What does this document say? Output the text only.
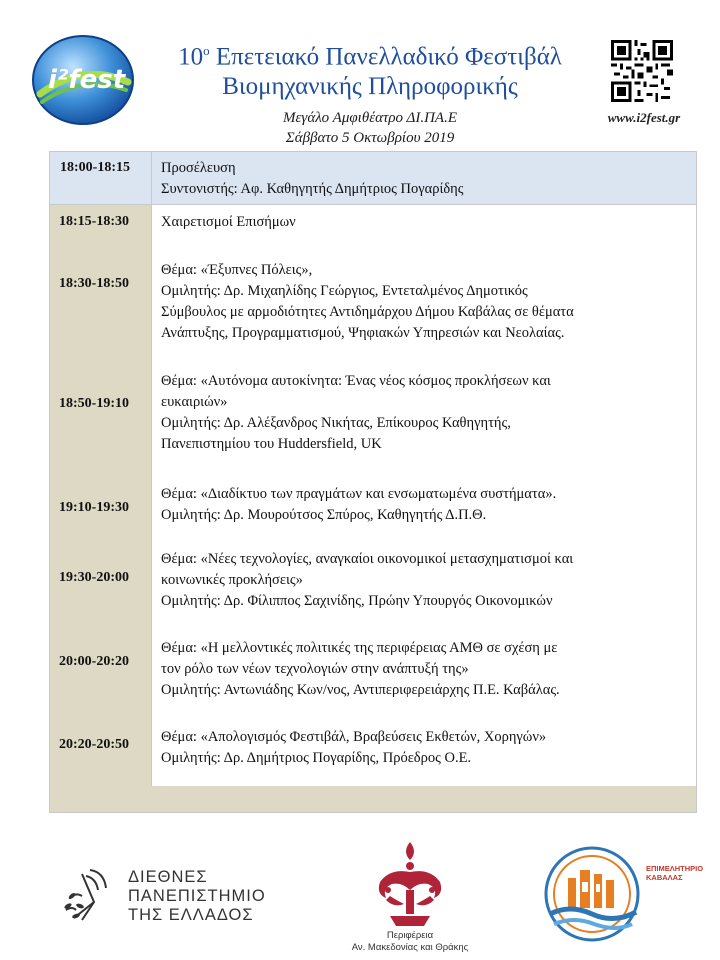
i²fest
$10^o$ Επετειακό Πανελλαδικό Φεστιβάλ
Βιομηχανικής Πληροφορικής
Μεγάλο Αμφιθέατρο ΔΙ.ΠΑ.Ε
Σάββατο 5 Οκτωβρίου 2019
www.i2fest.gr
18:00-18:15 Προσέλευση
Συντονιστής: Αφ. Καθηγητής Δημήτριος Πογαρίδης
18:15-18:30 Χαιρετισμοί Επισήμων
18:30-18:50
Θέμα: «Έξυπνες Πόλεις»,
Ομιλητής: Δρ. Μιχαηλίδης Γεώργιος, Εντεταλμένος Δημοτικός
Σύμβουλος με αρμοδιότητες Αντιδημάρχου Δήμου Καβάλας σε θέματα
Ανάπτυξης, Προγραμματισμού, Ψηφιακών Υπηρεσιών και Νεολαίας.
18:50-19:10
Θέμα: «Αυτόνομα αυτοκίνητα: Ένας νέος κόσμος προκλήσεων και
ευκαιριών»
Ομιλητής: Δρ. Αλέξανδρος Νικήτας, Επίκουρος Καθηγητής,
Πανεπιστημίου του Huddersfield, UK
19:10-19:30
Θέμα: «Διαδίκτυο των πραγμάτων και ενσωματωμένα συστήματα».
Ομιλητής: Δρ. Μουρούτσος Σπύρος, Καθηγητής Δ.Π.Θ.
19:30-20:00
Θέμα: «Νέες τεχνολογίες, αναγκαίοι οικονομικοί μετασχηματισμοί και
κοινωνικές προκλήσεις»
Ομιλητής: Δρ. Φίλιππος Σαχινίδης, Πρώην Υπουργός Οικονομικών
20:00-20:20
Θέμα: «Η μελλοντικές πολιτικές της περιφέρειας ΑΜΘ σε σχέση με
τον ρόλο των νέων τεχνολογιών στην ανάπτυξή της»
Ομιλητής: Αντωνιάδης Κων/νος, Αντιπεριφερειάρχης Π.Ε. Καβάλας.
20:20-20:50 Θέμα: «Απολογισμός Φεστιβάλ, Βραβεύσεις Εκθετών, Χορηγών»
Ομιλητής: Δρ. Δημήτριος Πογαρίδης, Πρόεδρος Ο.Ε.
ΔΙΕΘΝΕΣ
ΠΑΝΕΠΙΣΤΗΜΙΟ
ΤΗΣ ΕΛΛΑΔΟΣ
Περιφέρεια
Αν. Μακεδονίας και Θράκης
ΕΠΙΜΕΛΗΤΗΡΙΟ
ΚΑΒΑΛΑΣ
